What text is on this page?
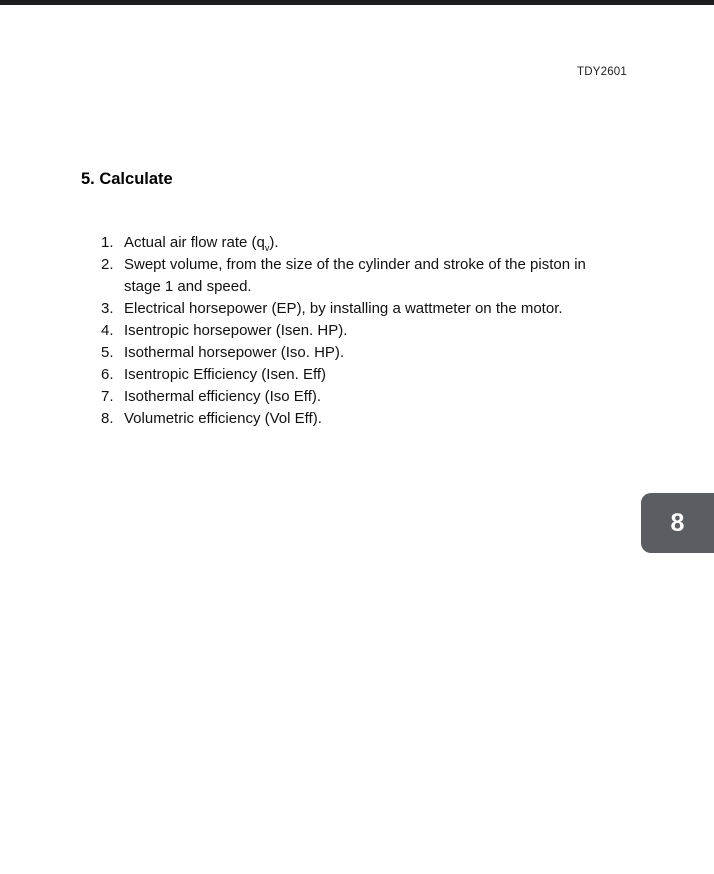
TDY2601
5. Calculate
1. Actual air flow rate $(q_v)$.
2. Swept volume, from the size of the cylinder and stroke of the piston in stage 1 and speed.
3. Electrical horsepower (EP), by installing a wattmeter on the motor.
4. Isentropic horsepower (Isen. HP).
5. Isothermal horsepower (Iso. HP).
6. Isentropic Efficiency (Isen. Eff)
7. Isothermal efficiency (Iso Eff).
8. Volumetric efficiency (Vol Eff).
8
